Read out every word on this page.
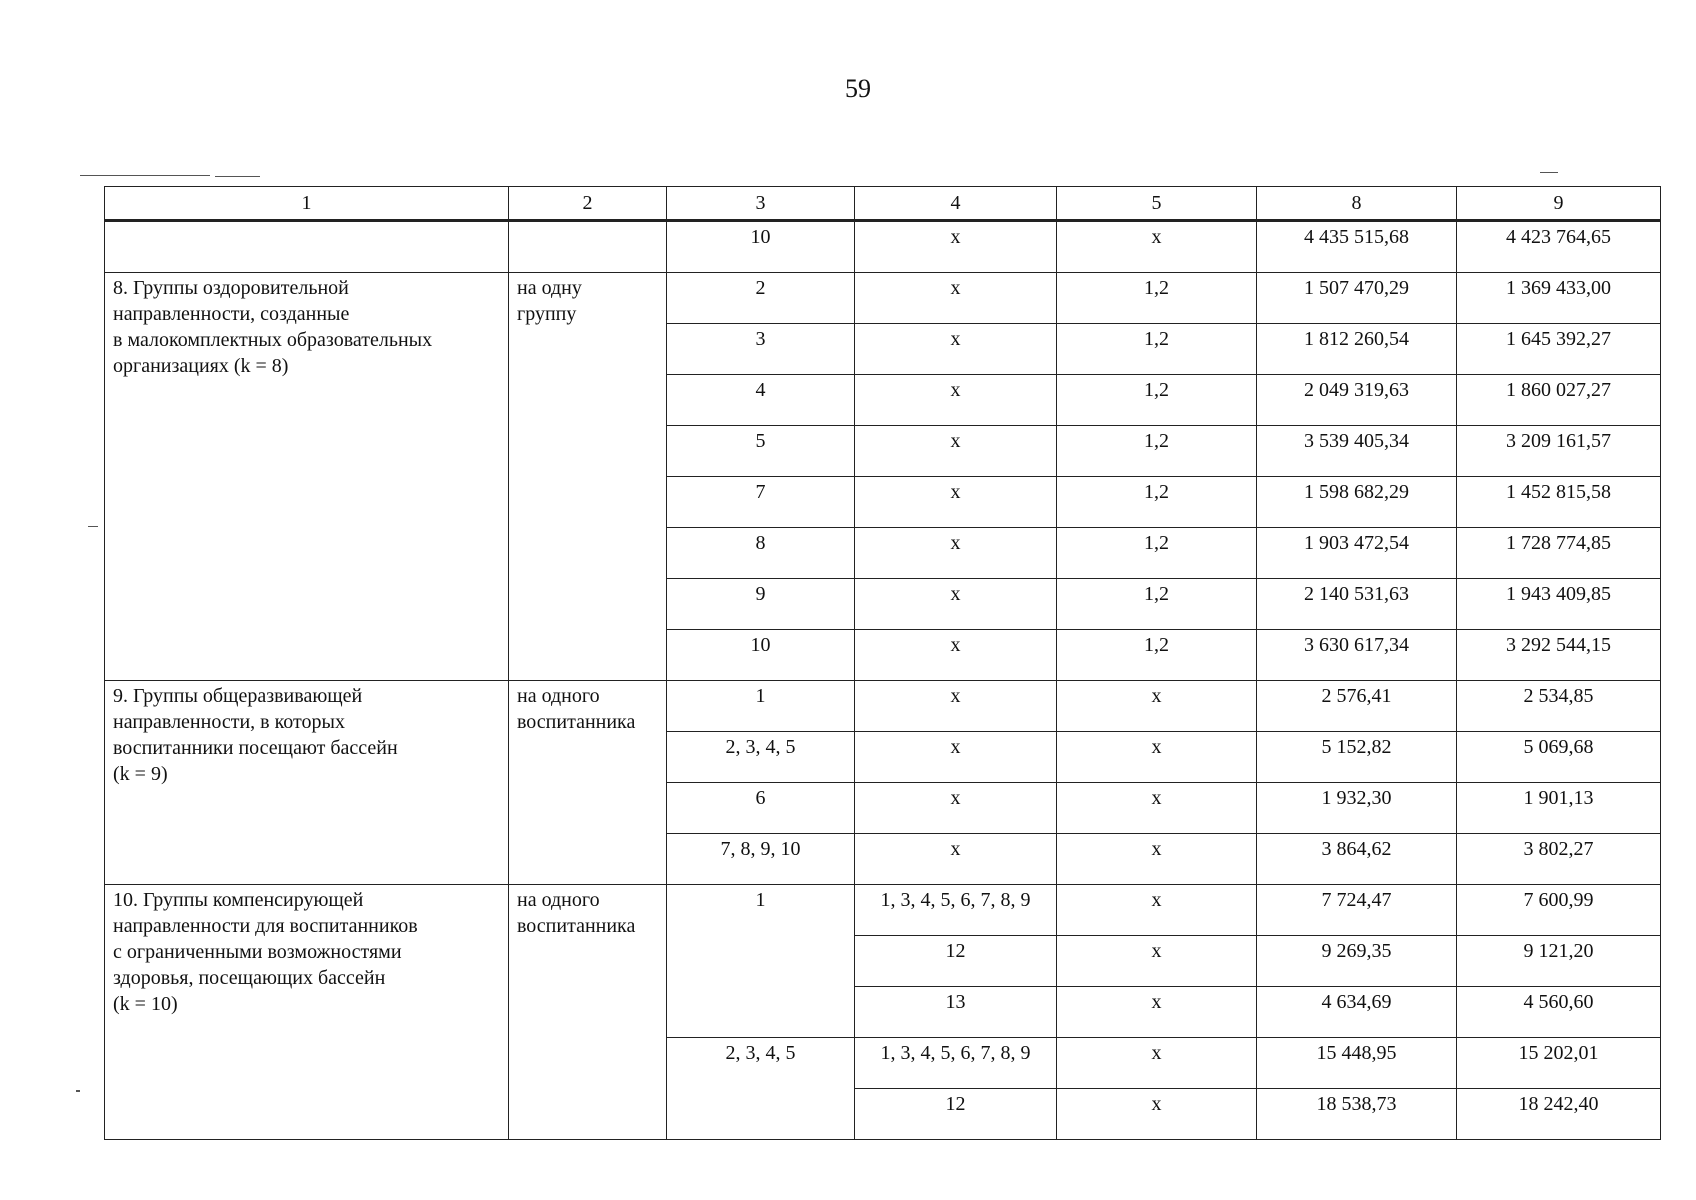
59
1	2	3	4	5	8	9
		10	x	x	4 435 515,68	4 423 764,65

8. Группы оздоровительной
направленности, созданные
в малокомплектных образовательных
организациях (k = 8)	на одну
группу	2	x	1,2	1 507 470,29	1 369 433,00
		3	x	1,2	1 812 260,54	1 645 392,27
		4	x	1,2	2 049 319,63	1 860 027,27
		5	x	1,2	3 539 405,34	3 209 161,57
		7	x	1,2	1 598 682,29	1 452 815,58
		8	x	1,2	1 903 472,54	1 728 774,85
		9	x	1,2	2 140 531,63	1 943 409,85
		10	x	1,2	3 630 617,34	3 292 544,15

9. Группы общеразвивающей
направленности, в которых
воспитанники посещают бассейн
(k = 9)	на одного
воспитанника	1	x	x	2 576,41	2 534,85
		2, 3, 4, 5	x	x	5 152,82	5 069,68
		6	x	x	1 932,30	1 901,13
		7, 8, 9, 10	x	x	3 864,62	3 802,27

10. Группы компенсирующей
направленности для воспитанников
с ограниченными возможностями
здоровья, посещающих бассейн
(k = 10)	на одного
воспитанника	1	1, 3, 4, 5, 6, 7, 8, 9	x	7 724,47	7 600,99
			12	x	9 269,35	9 121,20
			13	x	4 634,69	4 560,60
		2, 3, 4, 5	1, 3, 4, 5, 6, 7, 8, 9	x	15 448,95	15 202,01
			12	x	18 538,73	18 242,40
